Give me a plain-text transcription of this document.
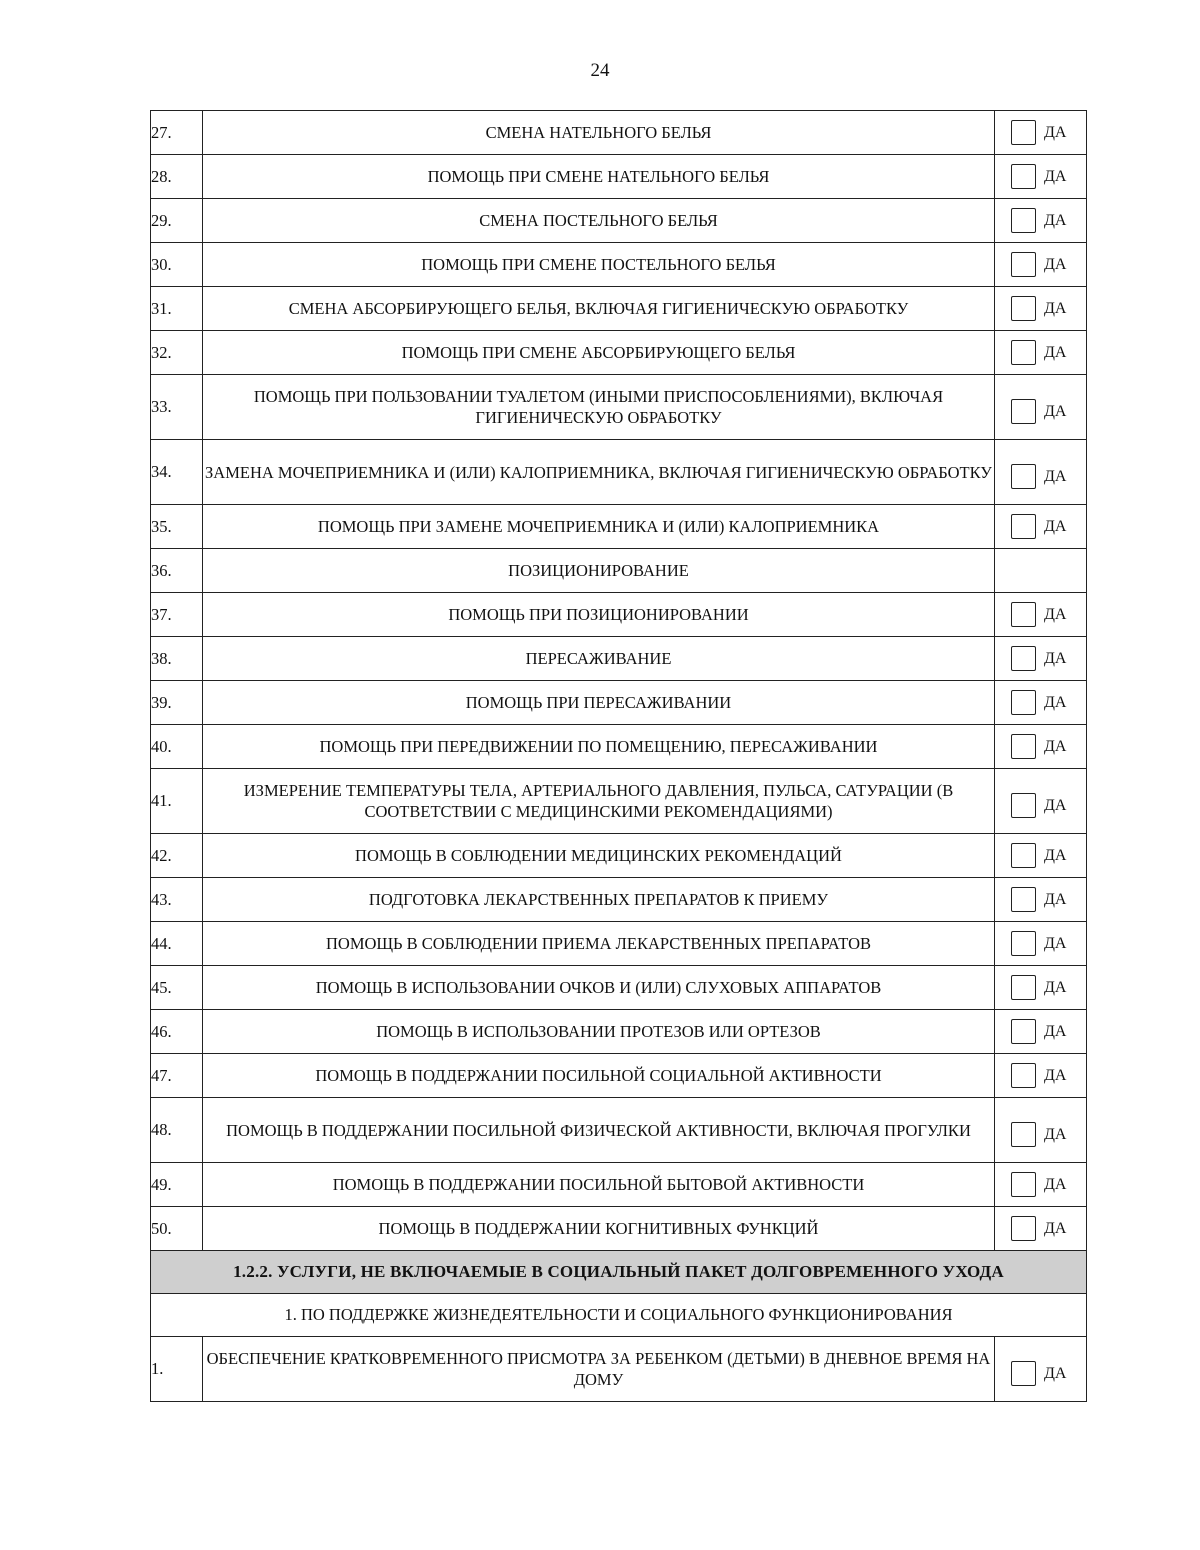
24
27.	СМЕНА НАТЕЛЬНОГО БЕЛЬЯ	ДА

28.	ПОМОЩЬ ПРИ СМЕНЕ НАТЕЛЬНОГО БЕЛЬЯ	ДА

29.	СМЕНА ПОСТЕЛЬНОГО БЕЛЬЯ	ДА

30.	ПОМОЩЬ ПРИ СМЕНЕ ПОСТЕЛЬНОГО БЕЛЬЯ	ДА

31.	СМЕНА АБСОРБИРУЮЩЕГО БЕЛЬЯ, ВКЛЮЧАЯ ГИГИЕНИЧЕСКУЮ ОБРАБОТКУ	ДА

32.	ПОМОЩЬ ПРИ СМЕНЕ АБСОРБИРУЮЩЕГО БЕЛЬЯ	ДА

33.	ПОМОЩЬ ПРИ ПОЛЬЗОВАНИИ ТУАЛЕТОМ (ИНЫМИ ПРИСПОСОБЛЕНИЯМИ), ВКЛЮЧАЯ ГИГИЕНИЧЕСКУЮ ОБРАБОТКУ	ДА

34.	ЗАМЕНА МОЧЕПРИЕМНИКА И (ИЛИ) КАЛОПРИЕМНИКА, ВКЛЮЧАЯ ГИГИЕНИЧЕСКУЮ ОБРАБОТКУ	ДА

35.	ПОМОЩЬ ПРИ ЗАМЕНЕ МОЧЕПРИЕМНИКА И (ИЛИ) КАЛОПРИЕМНИКА	ДА

36.	ПОЗИЦИОНИРОВАНИЕ	
37.	ПОМОЩЬ ПРИ ПОЗИЦИОНИРОВАНИИ	ДА

38.	ПЕРЕСАЖИВАНИЕ	ДА

39.	ПОМОЩЬ ПРИ ПЕРЕСАЖИВАНИИ	ДА

40.	ПОМОЩЬ ПРИ ПЕРЕДВИЖЕНИИ ПО ПОМЕЩЕНИЮ, ПЕРЕСАЖИВАНИИ	ДА

41.	ИЗМЕРЕНИЕ ТЕМПЕРАТУРЫ ТЕЛА, АРТЕРИАЛЬНОГО ДАВЛЕНИЯ, ПУЛЬСА, САТУРАЦИИ (В СООТВЕТСТВИИ С МЕДИЦИНСКИМИ РЕКОМЕНДАЦИЯМИ)	ДА

42.	ПОМОЩЬ В СОБЛЮДЕНИИ МЕДИЦИНСКИХ РЕКОМЕНДАЦИЙ	ДА

43.	ПОДГОТОВКА ЛЕКАРСТВЕННЫХ ПРЕПАРАТОВ К ПРИЕМУ	ДА

44.	ПОМОЩЬ В СОБЛЮДЕНИИ ПРИЕМА ЛЕКАРСТВЕННЫХ ПРЕПАРАТОВ	ДА

45.	ПОМОЩЬ В ИСПОЛЬЗОВАНИИ ОЧКОВ И (ИЛИ) СЛУХОВЫХ АППАРАТОВ	ДА

46.	ПОМОЩЬ В ИСПОЛЬЗОВАНИИ ПРОТЕЗОВ ИЛИ ОРТЕЗОВ	ДА

47.	ПОМОЩЬ В ПОДДЕРЖАНИИ ПОСИЛЬНОЙ СОЦИАЛЬНОЙ АКТИВНОСТИ	ДА

48.	ПОМОЩЬ В ПОДДЕРЖАНИИ ПОСИЛЬНОЙ ФИЗИЧЕСКОЙ АКТИВНОСТИ, ВКЛЮЧАЯ ПРОГУЛКИ	ДА

49.	ПОМОЩЬ В ПОДДЕРЖАНИИ ПОСИЛЬНОЙ БЫТОВОЙ АКТИВНОСТИ	ДА

50.	ПОМОЩЬ В ПОДДЕРЖАНИИ КОГНИТИВНЫХ ФУНКЦИЙ	ДА

1.2.2. УСЛУГИ, НЕ ВКЛЮЧАЕМЫЕ В СОЦИАЛЬНЫЙ ПАКЕТ ДОЛГОВРЕМЕННОГО УХОДА		
1. ПО ПОДДЕРЖКЕ ЖИЗНЕДЕЯТЕЛЬНОСТИ И СОЦИАЛЬНОГО ФУНКЦИОНИРОВАНИЯ		
1.	ОБЕСПЕЧЕНИЕ КРАТКОВРЕМЕННОГО ПРИСМОТРА ЗА РЕБЕНКОМ (ДЕТЬМИ) В ДНЕВНОЕ ВРЕМЯ НА ДОМУ	ДА
